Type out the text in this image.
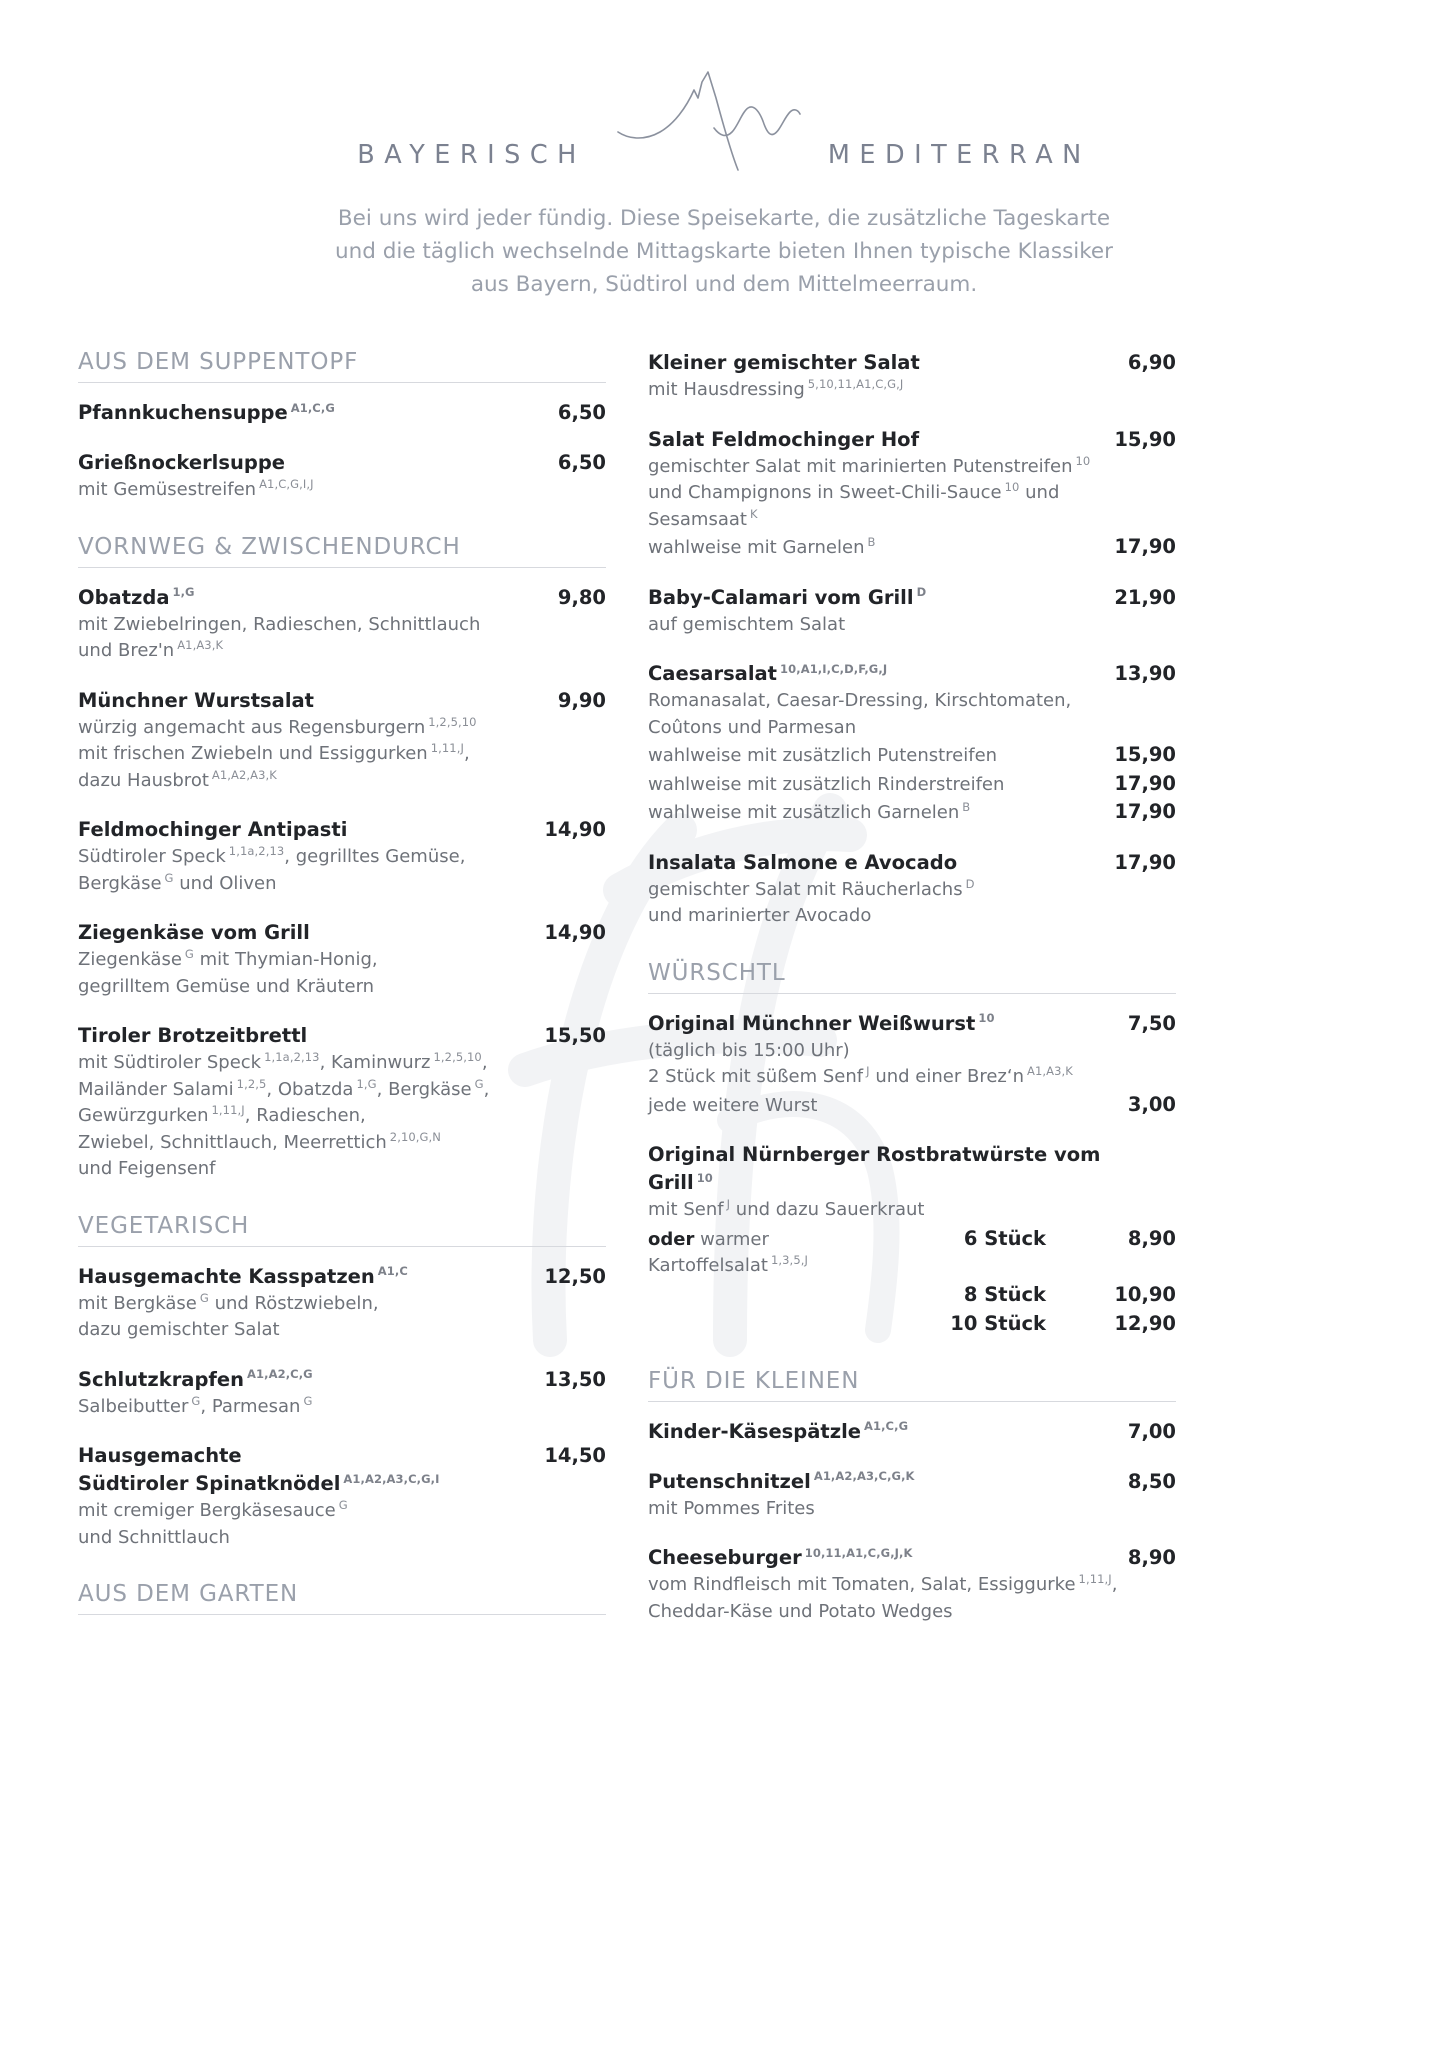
BAYERISCH	MEDITERRAN
Bei uns wird jeder fündig. Diese Speisekarte, die zusätzliche Tageskarte und die täglich wechselnde Mittagskarte bieten Ihnen typische Klassiker aus Bayern, Südtirol und dem Mittelmeerraum.
AUS DEM SUPPENTOPF
Pfannkuchensuppe $^{A1,C,G}$	6,50
Grießnockerlsuppe	6,50
mit Gemüsestreifen $^{A1,C,G,I,J}$
VORNWEG & ZWISCHENDURCH
Obatzda $^{1,G}$	9,80
mit Zwiebelringen, Radieschen, Schnittlauch
und Brez'n $^{A1,A3,K}$
Münchner Wurstsalat	9,90
würzig angemacht aus Regensburgern $^{1,2,5,10}$
mit frischen Zwiebeln und Essiggurken $^{1,11,J}$,
dazu Hausbrot $^{A1,A2,A3,K}$
Feldmochinger Antipasti	14,90
Südtiroler Speck $^{1,1a,2,13}$, gegrilltes Gemüse,
Bergkäse $^G$ und Oliven
Ziegenkäse vom Grill	14,90
Ziegenkäse $^G$ mit Thymian-Honig,
gegrilltem Gemüse und Kräutern
Tiroler Brotzeitbrettl	15,50
mit Südtiroler Speck $^{1,1a,2,13}$, Kaminwurz $^{1,2,5,10}$,
Mailänder Salami $^{1,2,5}$, Obatzda $^{1,G}$, Bergkäse $^G$,
Gewürzgurken $^{1,11,J}$, Radieschen,
Zwiebel, Schnittlauch, Meerrettich $^{2,10,G,N}$
und Feigensenf
VEGETARISCH
Hausgemachte Kasspatzen $^{A1,C}$	12,50
mit Bergkäse $^G$ und Röstzwiebeln,
dazu gemischter Salat
Schlutzkrapfen $^{A1,A2,C,G}$	13,50
Salbeibutter $^G$, Parmesan $^G$
Hausgemachte
Südtiroler Spinatknödel $^{A1,A2,A3,C,G,I}$
14,50
mit cremiger Bergkäsesauce $^G$
und Schnittlauch
AUS DEM GARTEN
Kleiner gemischter Salat	6,90
mit Hausdressing $^{5,10,11,A1,C,G,J}$
Salat Feldmochinger Hof	15,90
gemischter Salat mit marinierten Putenstreifen $^{10}$
und Champignons in Sweet-Chili-Sauce $^{10}$ und
Sesamsaat $^K$
wahlweise mit Garnelen $^B$	17,90
Baby-Calamari vom Grill $^D$	21,90
auf gemischtem Salat
Caesarsalat $^{10,A1,I,C,D,F,G,J}$	13,90
Romanasalat, Caesar-Dressing, Kirschtomaten,
Coûtons und Parmesan
wahlweise mit zusätzlich Putenstreifen	15,90
wahlweise mit zusätzlich Rinderstreifen	17,90
wahlweise mit zusätzlich Garnelen $^B$	17,90
Insalata Salmone e Avocado	17,90
gemischter Salat mit Räucherlachs $^D$
und marinierter Avocado
WÜRSCHTL
Original Münchner Weißwurst $^{10}$	7,50
(täglich bis 15:00 Uhr)
2 Stück mit süßem Senf $^J$ und einer Brez‘n $^{A1,A3,K}$
jede weitere Wurst	3,00
Original Nürnberger Rostbratwürste vom Grill $^{10}$
mit Senf $^J$ und dazu Sauerkraut
oder warmer Kartoffelsalat $^{1,3,5,J}$
6 Stück	8,90
8 Stück	10,90
10 Stück	12,90
FÜR DIE KLEINEN
Kinder-Käsespätzle $^{A1,C,G}$	7,00
Putenschnitzel $^{A1,A2,A3,C,G,K}$	8,50
mit Pommes Frites
Cheeseburger $^{10,11,A1,C,G,J,K}$	8,90
vom Rindfleisch mit Tomaten, Salat, Essiggurke $^{1,11,J}$,
Cheddar-Käse und Potato Wedges
